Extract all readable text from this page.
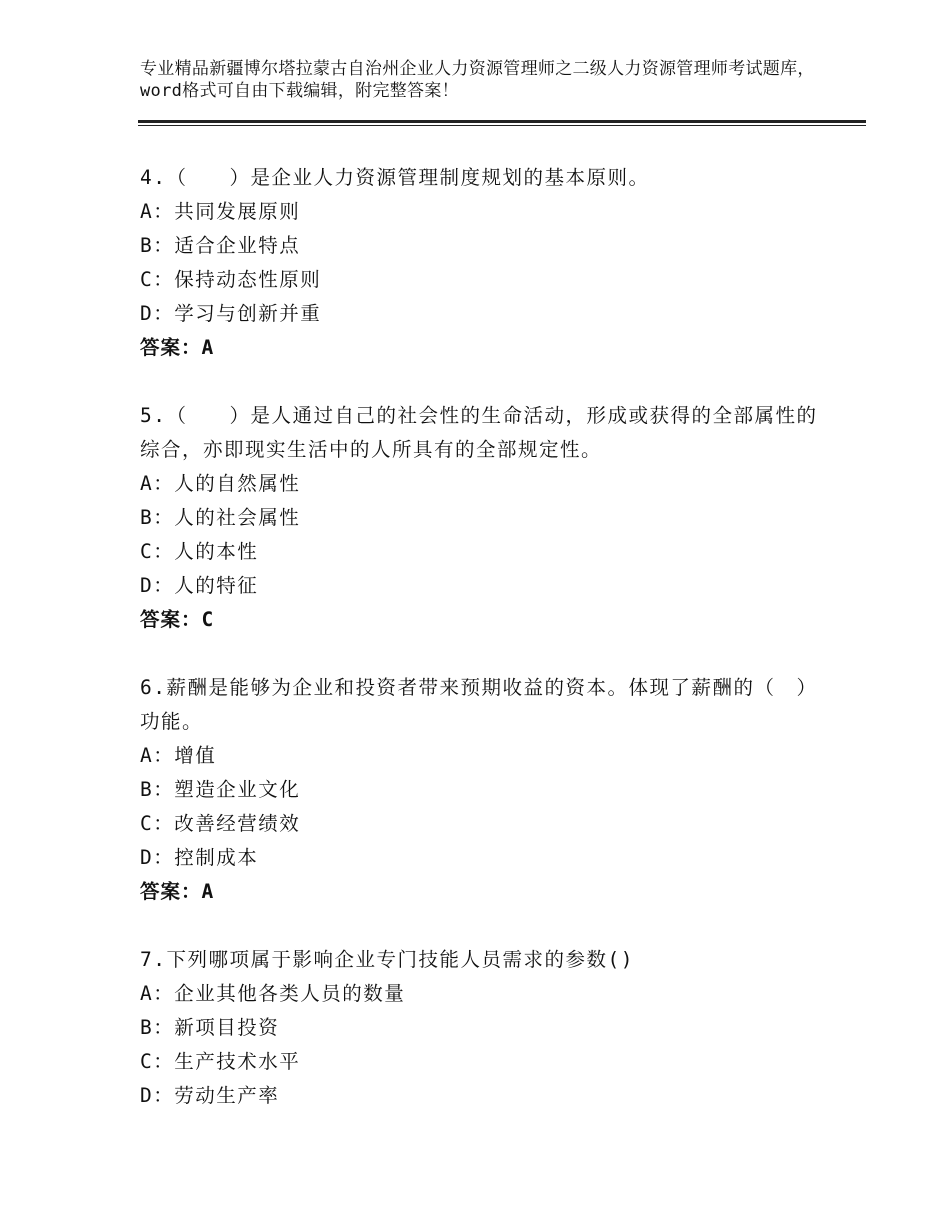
专业精品新疆博尔塔拉蒙古自治州企业人力资源管理师之二级人力资源管理师考试题库，word格式可自由下载编辑，附完整答案！

4.（　　）是企业人力资源管理制度规划的基本原则。

A：共同发展原则

B：适合企业特点

C：保持动态性原则

D：学习与创新并重

答案：A

5.（　　）是人通过自己的社会性的生命活动，形成或获得的全部属性的综合，亦即现实生活中的人所具有的全部规定性。

A：人的自然属性

B：人的社会属性

C：人的本性

D：人的特征

答案：C

6.薪酬是能够为企业和投资者带来预期收益的资本。体现了薪酬的（　）功能。

A：增值

B：塑造企业文化

C：改善经营绩效

D：控制成本

答案：A

7.下列哪项属于影响企业专门技能人员需求的参数()

A：企业其他各类人员的数量

B：新项目投资

C：生产技术水平

D：劳动生产率
